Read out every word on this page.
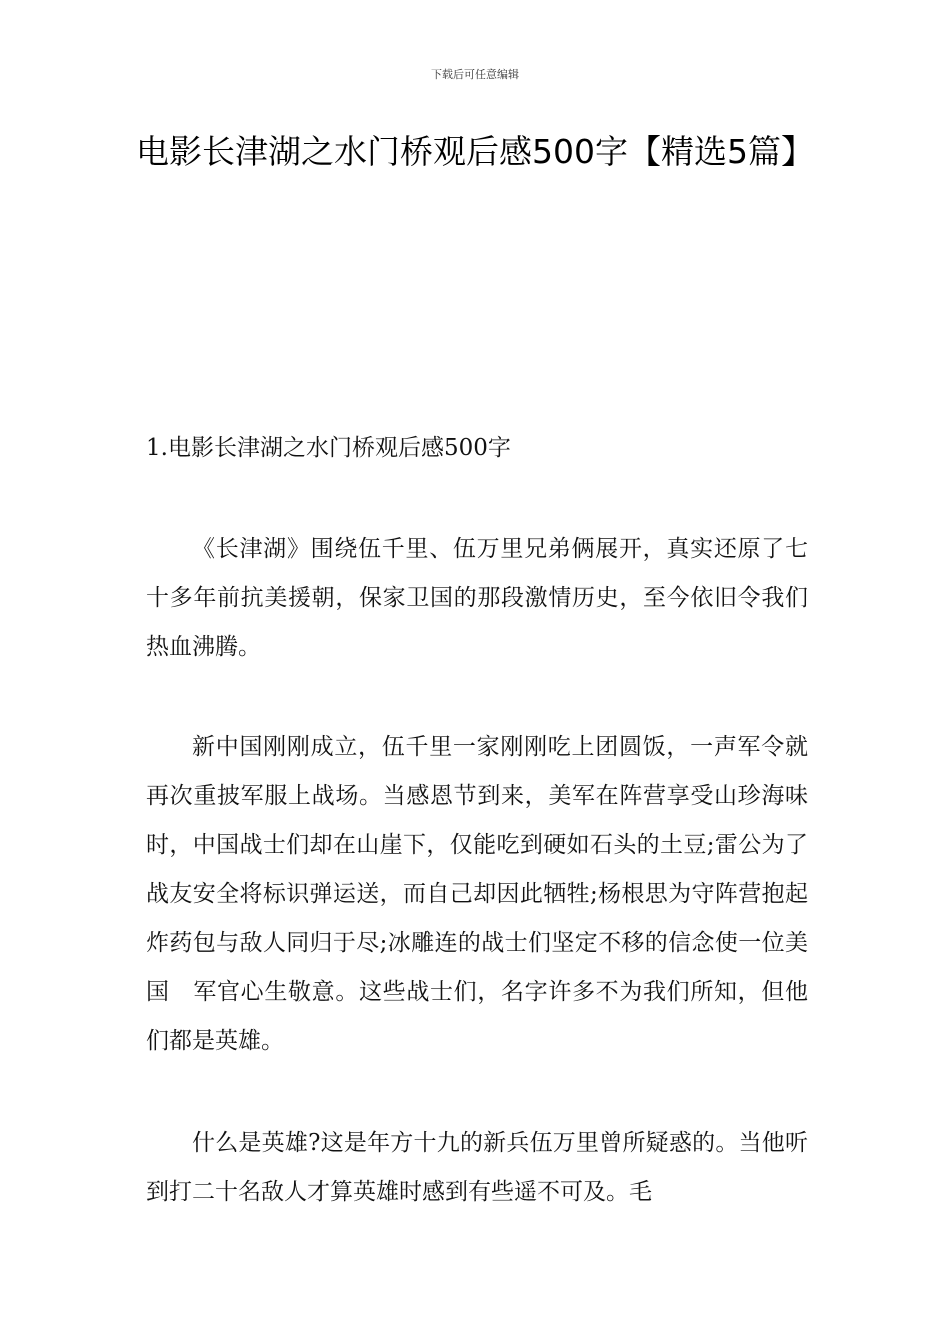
下载后可任意编辑
电影长津湖之水门桥观后感500字【精选5篇】
1.电影长津湖之水门桥观后感500字

《长津湖》围绕伍千里、伍万里兄弟俩展开，真实还原了七十多年前抗美援朝，保家卫国的那段激情历史，至今依旧令我们热血沸腾。

新中国刚刚成立，伍千里一家刚刚吃上团圆饭，一声军令就再次重披军服上战场。当感恩节到来，美军在阵营享受山珍海味时，中国战士们却在山崖下，仅能吃到硬如石头的土豆;雷公为了战友安全将标识弹运送，而自己却因此牺牲;杨根思为守阵营抱起炸药包与敌人同归于尽;冰雕连的战士们坚定不移的信念使一位美国　军官心生敬意。这些战士们，名字许多不为我们所知，但他们都是英雄。

什么是英雄?这是年方十九的新兵伍万里曾所疑惑的。当他听到打二十名敌人才算英雄时感到有些遥不可及。毛
